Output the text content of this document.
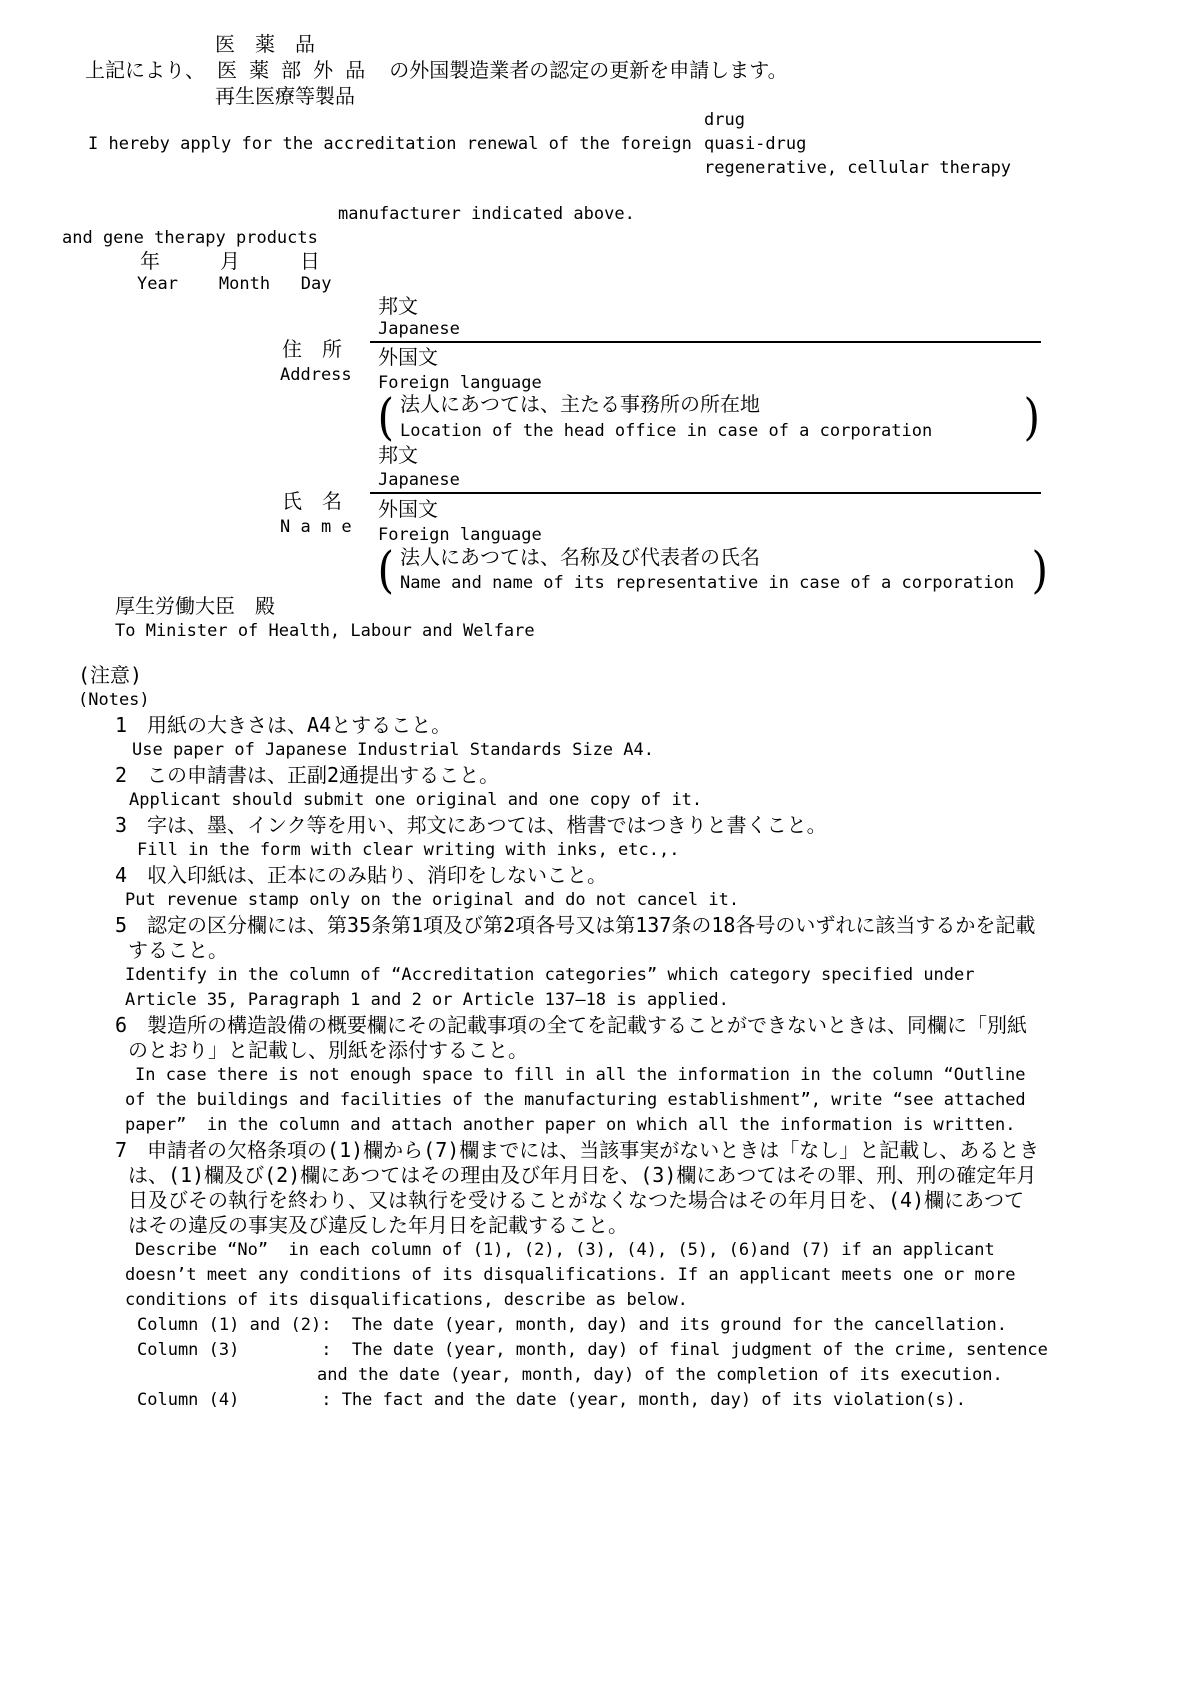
医　薬　品
上記により、 医 薬 部 外 品  の外国製造業者の認定の更新を申請します。
再生医療等製品
drug
I hereby apply for the accreditation renewal of the foreign quasi-drug
regenerative, cellular therapy
manufacturer indicated above.
and gene therapy products
年　　　月　　　日
Year    Month   Day
住　所
Address
邦文
Japanese
外国文
Foreign language
( 法人にあつては、主たる事務所の所在地
Location of the head office in case of a corporation )
邦文
Japanese
氏　名
N a m e
外国文
Foreign language
( 法人にあつては、名称及び代表者の氏名
Name and name of its representative in case of a corporation )
厚生労働大臣　殿
To Minister of Health, Labour and Welfare
(注意)
(Notes)
1　用紙の大きさは、A4とすること。
Use paper of Japanese Industrial Standards Size A4.
2　この申請書は、正副2通提出すること。
Applicant should submit one original and one copy of it.
3　字は、墨、インク等を用い、邦文にあつては、楷書ではつきりと書くこと。
Fill in the form with clear writing with inks, etc.,.
4　収入印紙は、正本にのみ貼り、消印をしないこと。
Put revenue stamp only on the original and do not cancel it.
5　認定の区分欄には、第35条第1項及び第2項各号又は第137条の18各号のいずれに該当するかを記載
すること。
Identify in the column of “Accreditation categories” which category specified under
Article 35, Paragraph 1 and 2 or Article 137—18 is applied.
6　製造所の構造設備の概要欄にその記載事項の全てを記載することができないときは、同欄に「別紙
のとおり」と記載し、別紙を添付すること。
In case there is not enough space to fill in all the information in the column “Outline
of the buildings and facilities of the manufacturing establishment”, write “see attached
paper”  in the column and attach another paper on which all the information is written.
7　申請者の欠格条項の(1)欄から(7)欄までには、当該事実がないときは「なし」と記載し、あるとき
は、(1)欄及び(2)欄にあつてはその理由及び年月日を、(3)欄にあつてはその罪、刑、刑の確定年月
日及びその執行を終わり、又は執行を受けることがなくなつた場合はその年月日を、(4)欄にあつて
はその違反の事実及び違反した年月日を記載すること。
Describe “No”  in each column of (1), (2), (3), (4), (5), (6)and (7) if an applicant
doesn’t meet any conditions of its disqualifications. If an applicant meets one or more
conditions of its disqualifications, describe as below.
Column (1) and (2):  The date (year, month, day) and its ground for the cancellation.
Column (3)        :  The date (year, month, day) of final judgment of the crime, sentence
and the date (year, month, day) of the completion of its execution.
Column (4)        : The fact and the date (year, month, day) of its violation(s).
